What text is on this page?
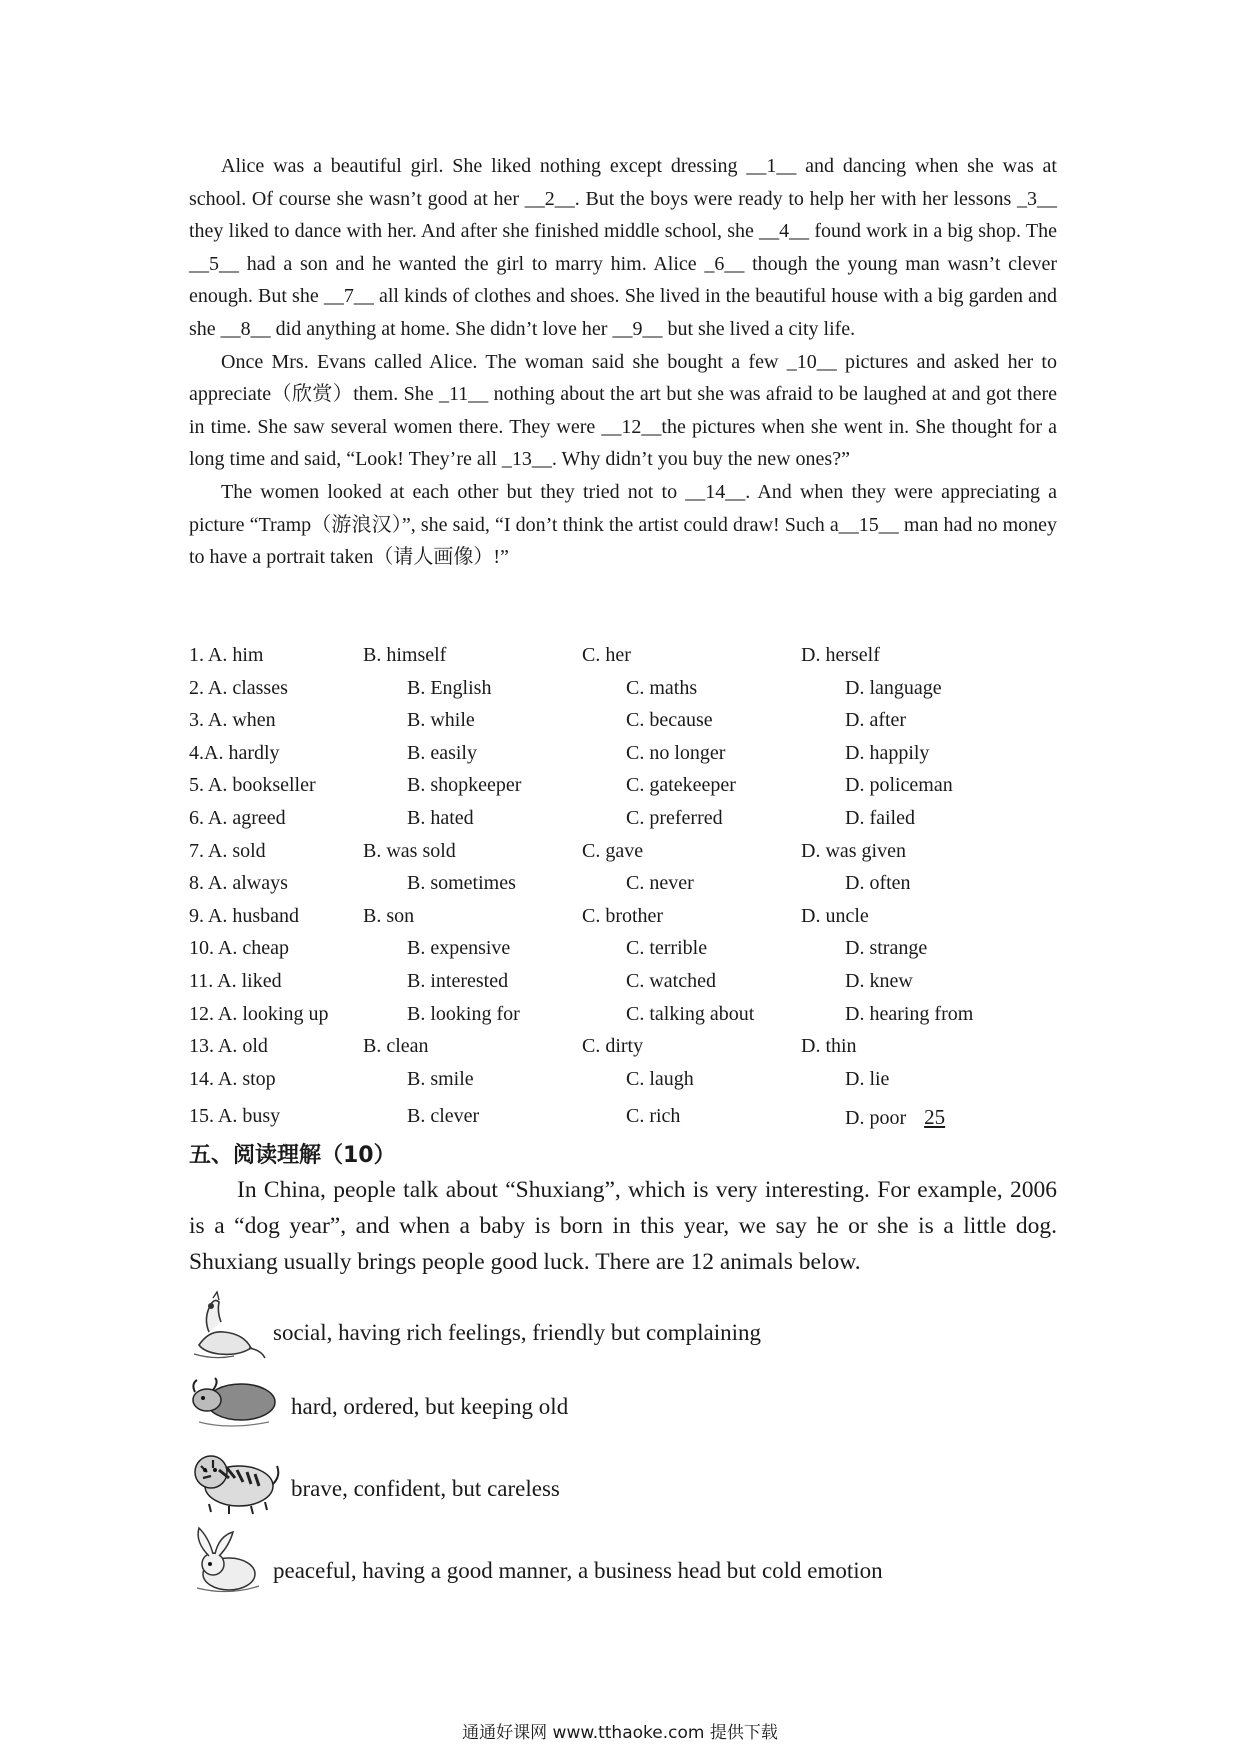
Alice was a beautiful girl. She liked nothing except dressing __1__ and dancing when she was at school. Of course she wasn’t good at her __2__. But the boys were ready to help her with her lessons _3__ they liked to dance with her. And after she finished middle school, she __4__ found work in a big shop. The __5__ had a son and he wanted the girl to marry him. Alice _6__ though the young man wasn’t clever enough. But she __7__ all kinds of clothes and shoes. She lived in the beautiful house with a big garden and she __8__ did anything at home. She didn’t love her __9__ but she lived a city life.

Once Mrs. Evans called Alice. The woman said she bought a few _10__ pictures and asked her to appreciate（欣赏）them. She _11__ nothing about the art but she was afraid to be laughed at and got there in time. She saw several women there. They were __12__the pictures when she went in. She thought for a long time and said, “Look! They’re all _13__. Why didn’t you buy the new ones?”

The women looked at each other but they tried not to __14__. And when they were appreciating a picture “Tramp（游浪汉）”, she said, “I don’t think the artist could draw! Such a__15__ man had no money to have a portrait taken（请人画像）!”

1. A. him	B. himself	C. her	D. herself
2. A. classes	B. English	C. maths	D. language
3. A. when	B. while	C. because	D. after
4.A. hardly	B. easily	C. no longer	D. happily
5. A. bookseller	B. shopkeeper	C. gatekeeper	D. policeman
6. A. agreed	B. hated	C. preferred	D. failed
7. A. sold	B. was sold	C. gave	D. was given
8. A. always	B. sometimes	C. never	D. often
9. A. husband	B. son	C. brother	D. uncle
10. A. cheap	B. expensive	C. terrible	D. strange
11. A. liked	B. interested	C. watched	D. knew
12. A. looking up	B. looking for	C. talking about	D. hearing from
13. A. old	B. clean	C. dirty	D. thin
14. A. stop	B. smile	C. laugh	D. lie
15. A. busy	B. clever	C. rich	D. poor 25
五、阅读理解（10）

In China, people talk about “Shuxiang”, which is very interesting. For example, 2006 is a “dog year”, and when a baby is born in this year, we say he or she is a little dog. Shuxiang usually brings people good luck. There are 12 animals below.

social, having rich feelings, friendly but complaining
hard, ordered, but keeping old
brave, confident, but careless
peaceful, having a good manner, a business head but cold emotion
通通好课网 www.tthaoke.com 提供下载
